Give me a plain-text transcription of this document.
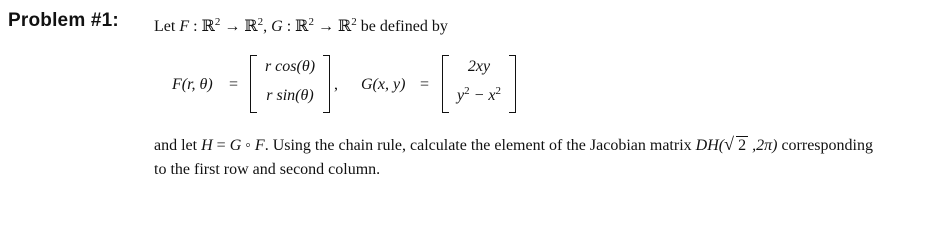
Problem #1: Let F : ℝ$^2$ → ℝ$^2$, G : ℝ$^2$ → ℝ$^2$ be defined by
F(r, θ) =
r cos(θ)
r sin(θ)
, G(x, y) =
2xy
$y^2 - x^2$
and let H = G ◦ F. Using the chain rule, calculate the element of the Jacobian matrix DH( √ 2 ,2π) corresponding
to the first row and second column.
